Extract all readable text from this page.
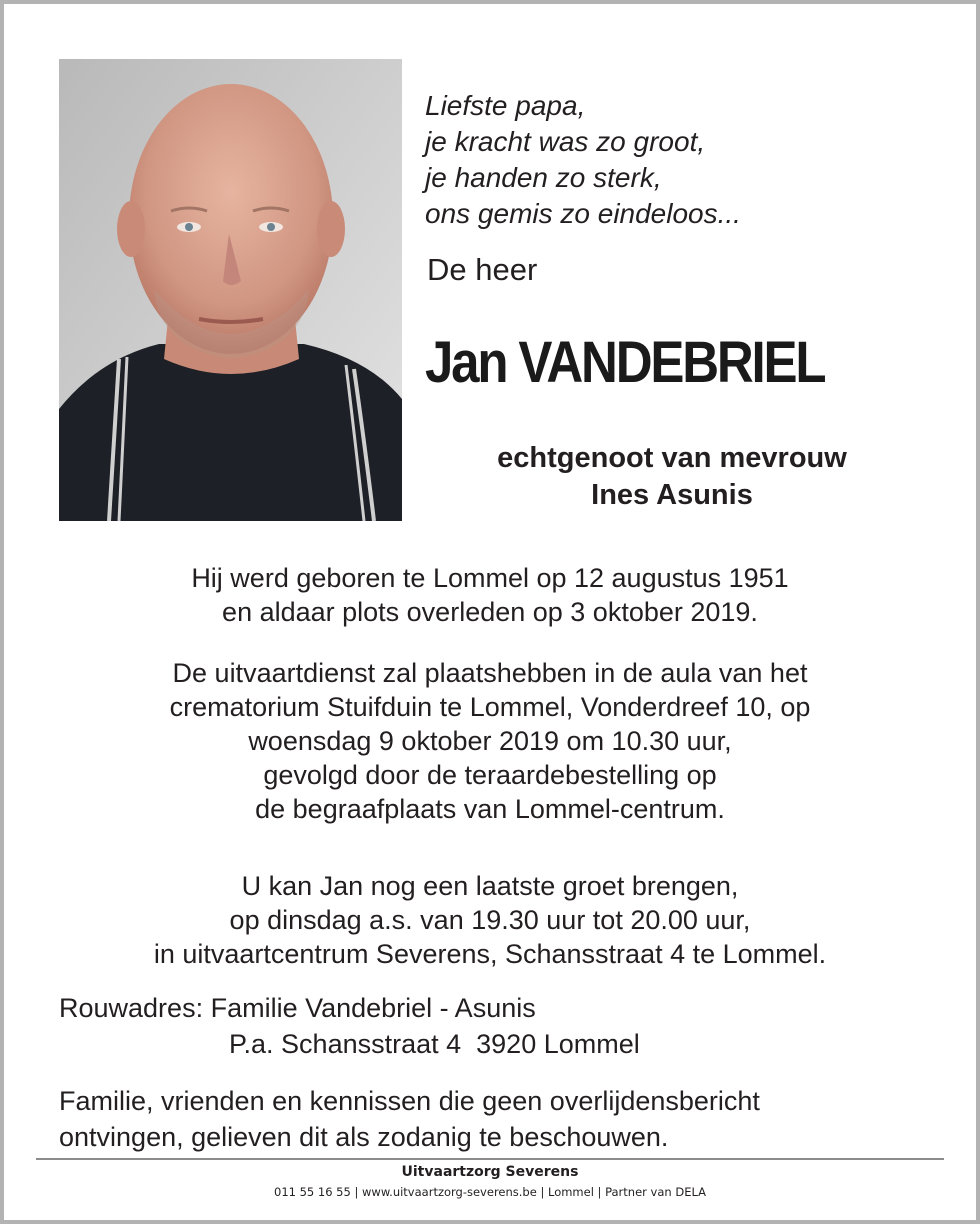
Liefste papa,
je kracht was zo groot,
je handen zo sterk,
ons gemis zo eindeloos...
De heer
Jan VANDEBRIEL
echtgenoot van mevrouw
Ines Asunis
Hij werd geboren te Lommel op 12 augustus 1951
en aldaar plots overleden op 3 oktober 2019.
De uitvaartdienst zal plaatshebben in de aula van het
crematorium Stuifduin te Lommel, Vonderdreef 10, op
woensdag 9 oktober 2019 om 10.30 uur,
gevolgd door de teraardebestelling op
de begraafplaats van Lommel-centrum.
U kan Jan nog een laatste groet brengen,
op dinsdag a.s. van 19.30 uur tot 20.00 uur,
in uitvaartcentrum Severens, Schansstraat 4 te Lommel.
Rouwadres: Familie Vandebriel - Asunis
P.a. Schansstraat 4  3920 Lommel
Familie, vrienden en kennissen die geen overlijdensbericht
ontvingen, gelieven dit als zodanig te beschouwen.
Uitvaartzorg Severens
011 55 16 55 | www.uitvaartzorg-severens.be | Lommel | Partner van DELA
